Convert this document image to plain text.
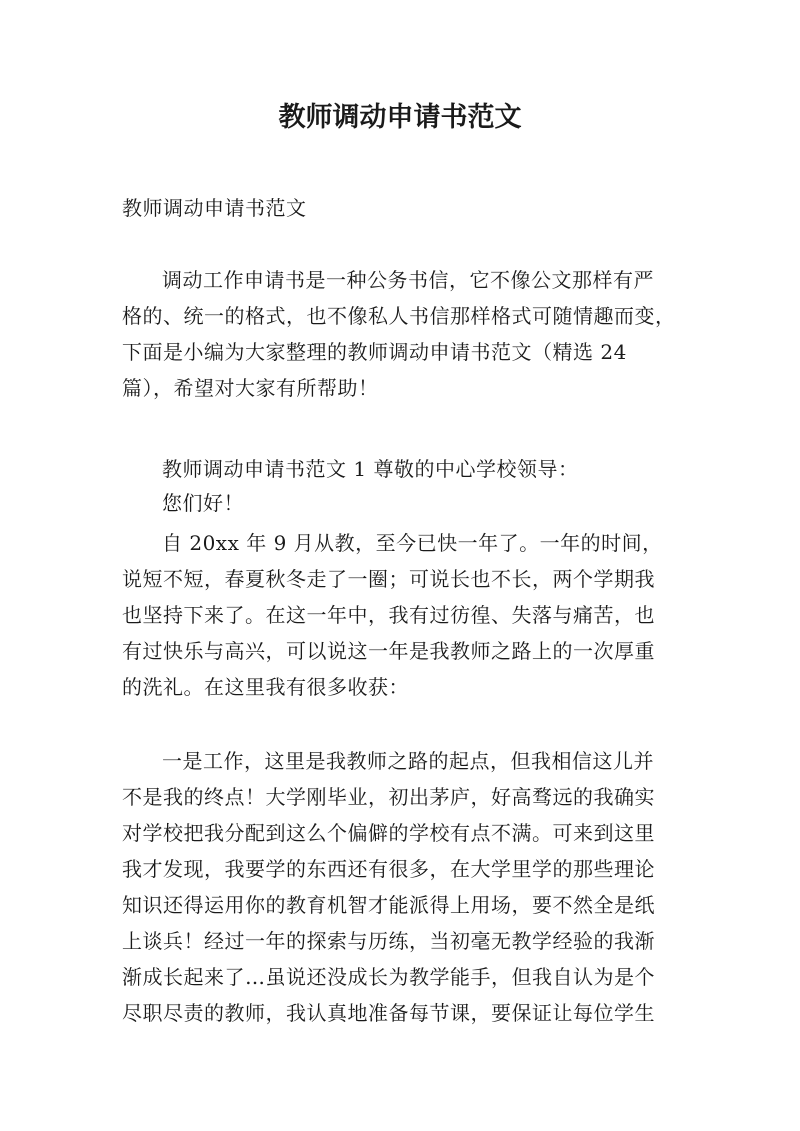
教师调动申请书范文

教师调动申请书范文

调动工作申请书是一种公务书信，它不像公文那样有严
格的、统一的格式，也不像私人书信那样格式可随情趣而变，
下面是小编为大家整理的教师调动申请书范文（精选 24
篇），希望对大家有所帮助！

教师调动申请书范文 1 尊敬的中心学校领导：

您们好！

自 20xx 年 9 月从教，至今已快一年了。一年的时间，
说短不短，春夏秋冬走了一圈；可说长也不长，两个学期我
也坚持下来了。在这一年中，我有过彷徨、失落与痛苦，也
有过快乐与高兴，可以说这一年是我教师之路上的一次厚重
的洗礼。在这里我有很多收获：
一是工作，这里是我教师之路的起点，但我相信这儿并
不是我的终点！大学刚毕业，初出茅庐，好高骛远的我确实
对学校把我分配到这么个偏僻的学校有点不满。可来到这里
我才发现，我要学的东西还有很多，在大学里学的那些理论
知识还得运用你的教育机智才能派得上用场，要不然全是纸
上谈兵！经过一年的探索与历练，当初毫无教学经验的我渐
渐成长起来了…虽说还没成长为教学能手，但我自认为是个
尽职尽责的教师，我认真地准备每节课，要保证让每位学生
